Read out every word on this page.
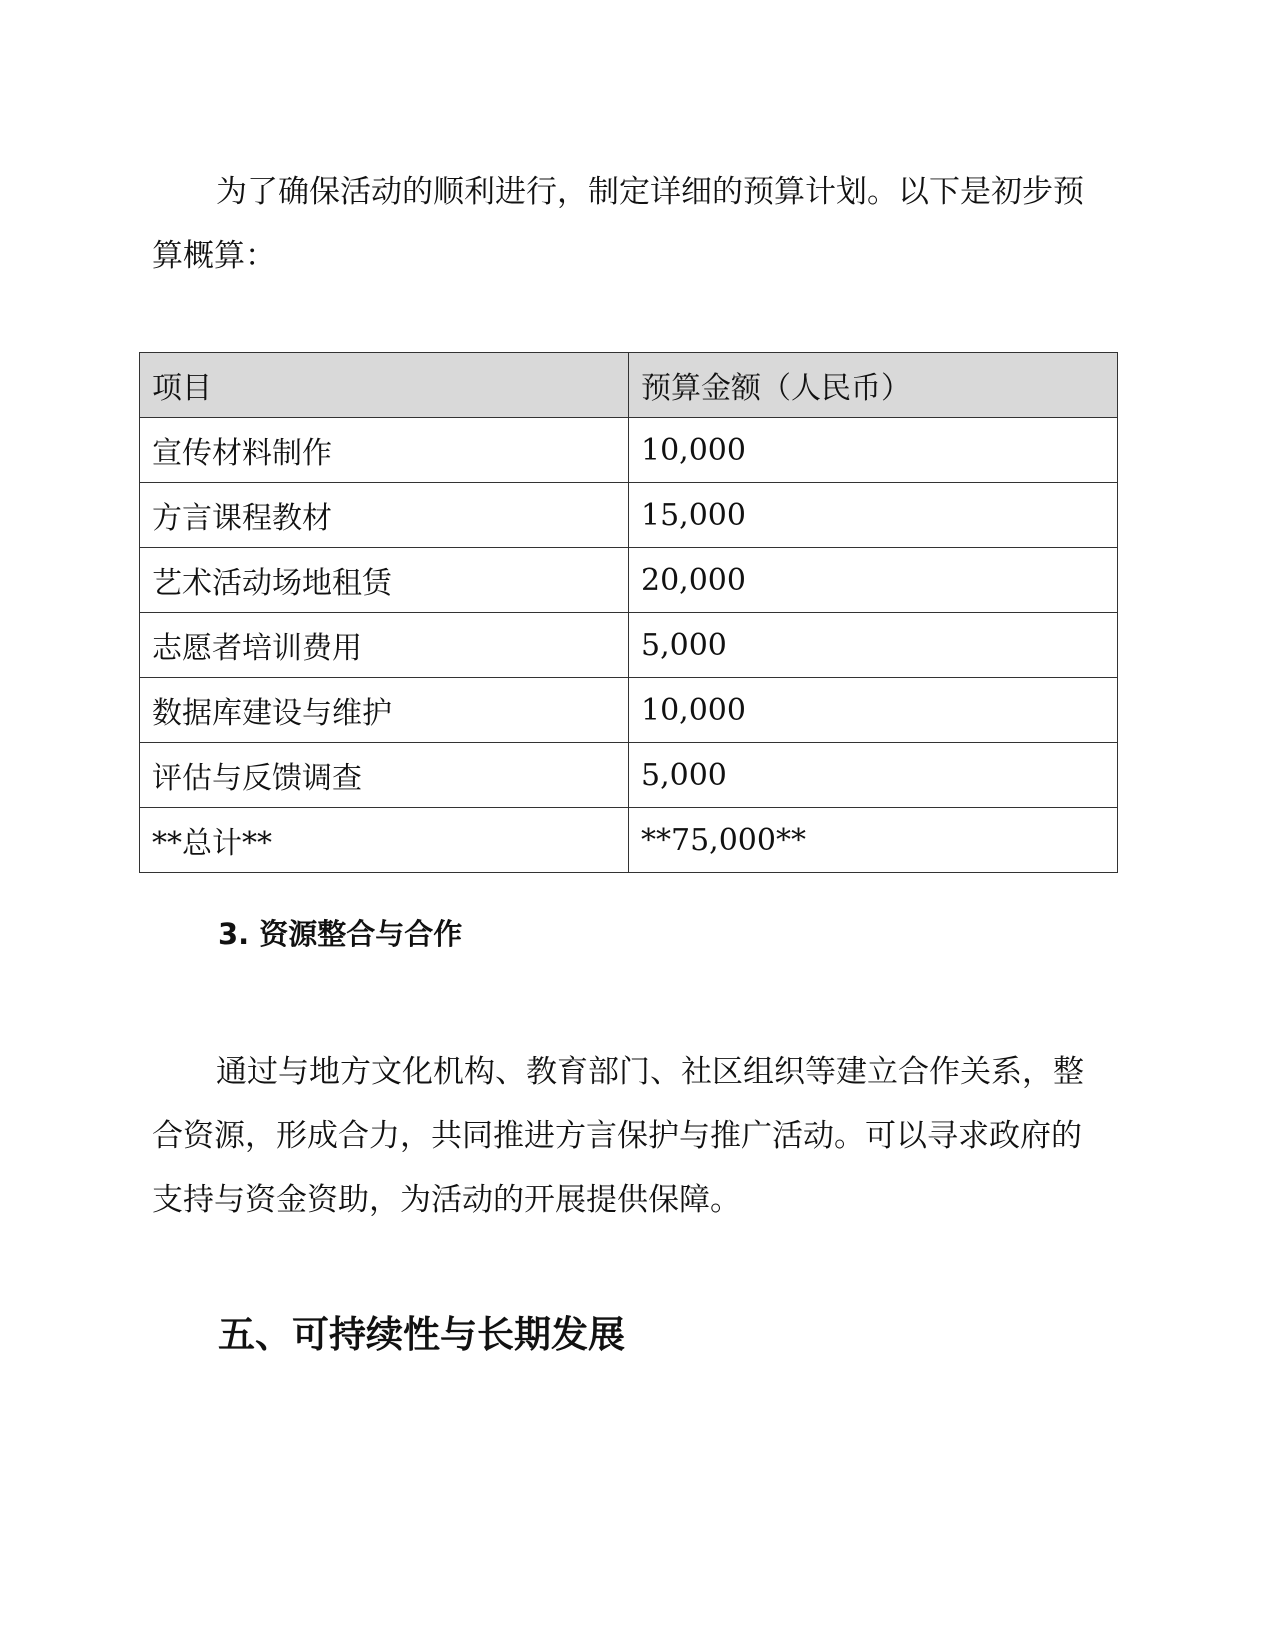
为了确保活动的顺利进行，制定详细的预算计划。以下是初步预算概算：

项目	预算金额（人民币）
宣传材料制作	10,000
方言课程教材	15,000
艺术活动场地租赁	20,000
志愿者培训费用	5,000
数据库建设与维护	10,000
评估与反馈调查	5,000
**总计**	**75,000**
3. 资源整合与合作

通过与地方文化机构、教育部门、社区组织等建立合作关系，整合资源，形成合力，共同推进方言保护与推广活动。可以寻求政府的支持与资金资助，为活动的开展提供保障。

五、可持续性与长期发展
